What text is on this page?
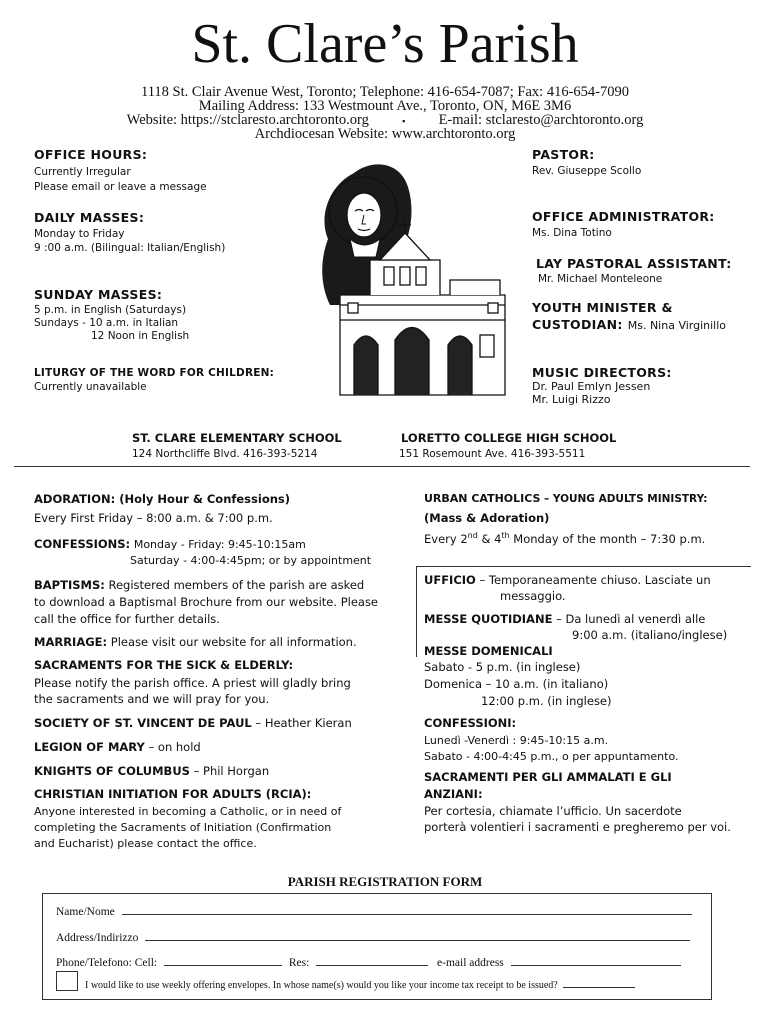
St. Clare’s Parish
1118 St. Clair Avenue West, Toronto; Telephone: 416-654-7087; Fax: 416-654-7090
Mailing Address: 133 Westmount Ave., Toronto, ON, M6E 3M6
Website: https://stclaresto.archtoronto.org	▪ E-mail: stclaresto@archtoronto.org
Archdiocesan Website: www.archtoronto.org
OFFICE HOURS:
Currently Irregular
Please email or leave a message
DAILY MASSES:
Monday to Friday
9 :00 a.m. (Bilingual: Italian/English)
SUNDAY MASSES:
5 p.m. in English (Saturdays)
Sundays - 10 a.m. in Italian
12 Noon in English
LITURGY OF THE WORD FOR CHILDREN:
Currently unavailable
PASTOR:
Rev. Giuseppe Scollo
OFFICE ADMINISTRATOR:
Ms. Dina Totino
LAY PASTORAL ASSISTANT:
Mr. Michael Monteleone
YOUTH MINISTER &
CUSTODIAN: Ms. Nina Virginillo
MUSIC DIRECTORS:
Dr. Paul Emlyn Jessen
Mr. Luigi Rizzo
ST. CLARE ELEMENTARY SCHOOL
124 Northcliffe Blvd. 416-393-5214
LORETTO COLLEGE HIGH SCHOOL
151 Rosemount Ave. 416-393-5511
ADORATION: (Holy Hour & Confessions)
Every First Friday – 8:00 a.m. & 7:00 p.m.
CONFESSIONS: Monday - Friday: 9:45-10:15am
Saturday - 4:00-4:45pm; or by appointment
BAPTISMS: Registered members of the parish are asked
to download a Baptismal Brochure from our website. Please
call the office for further details.
MARRIAGE: Please visit our website for all information.
SACRAMENTS FOR THE SICK & ELDERLY:
Please notify the parish office. A priest will gladly bring
the sacraments and we will pray for you.
SOCIETY OF ST. VINCENT DE PAUL – Heather Kieran
LEGION OF MARY – on hold
KNIGHTS OF COLUMBUS – Phil Horgan
CHRISTIAN INITIATION FOR ADULTS (RCIA):
Anyone interested in becoming a Catholic, or in need of
completing the Sacraments of Initiation (Confirmation
and Eucharist) please contact the office.
URBAN CATHOLICS – YOUNG ADULTS MINISTRY:
(Mass & Adoration)
Every 2nd & 4th Monday of the month – 7:30 p.m.
UFFICIO – Temporaneamente chiuso. Lasciate un
messaggio.
MESSE QUOTIDIANE – Da lunedì al venerdì alle
9:00 a.m. (italiano/inglese)
MESSE DOMENICALI
Sabato - 5 p.m. (in inglese)
Domenica – 10 a.m. (in italiano)
12:00 p.m. (in inglese)
CONFESSIONI:
Lunedì -Venerdì : 9:45-10:15 a.m.
Sabato - 4:00-4:45 p.m., o per appuntamento.
SACRAMENTI PER GLI AMMALATI E GLI
ANZIANI:
Per cortesia, chiamate l’ufficio. Un sacerdote
porterà volentieri i sacramenti e pregheremo per voi.
PARISH REGISTRATION FORM
Name/Nome
Address/Indirizzo
Phone/Telefono: Cell:	Res:	e-mail address
I would like to use weekly offering envelopes. In whose name(s) would you like your income tax receipt to be issued?
